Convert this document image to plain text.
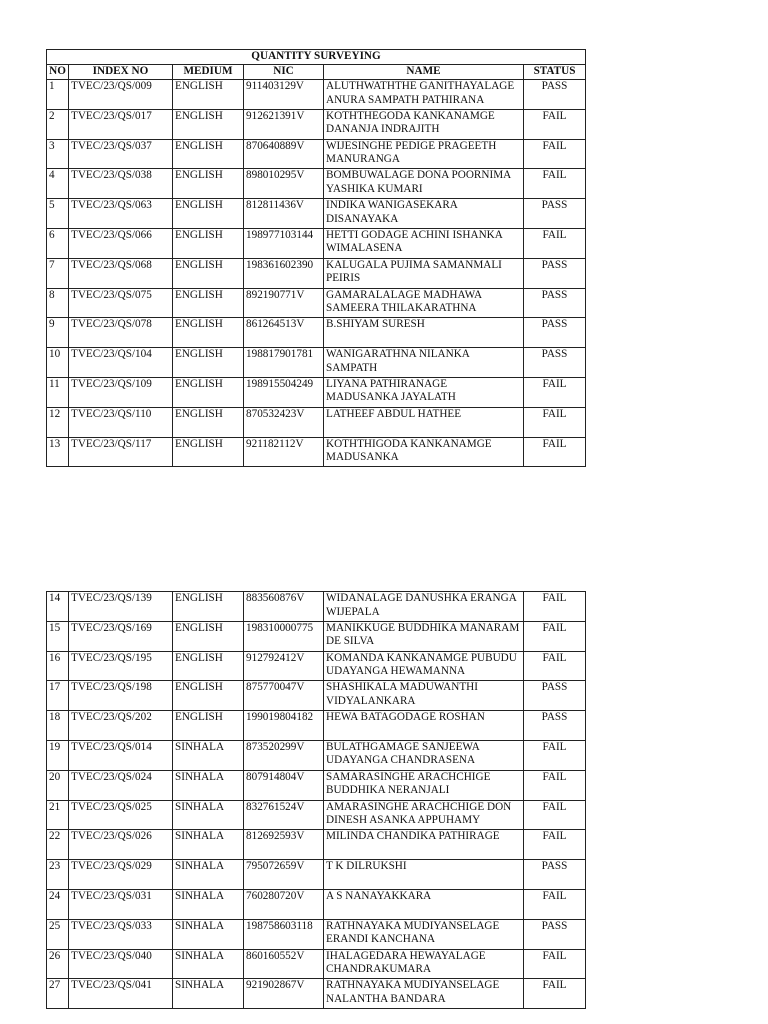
QUANTITY SURVEYING					
NO	INDEX NO	MEDIUM	NIC	NAME	STATUS
1	TVEC/23/QS/009	ENGLISH	911403129V	ALUTHWATHTHE GANITHAYALAGE ANURA SAMPATH PATHIRANA	PASS
2	TVEC/23/QS/017	ENGLISH	912621391V	KOTHTHEGODA KANKANAMGE DANANJA INDRAJITH	FAIL
3	TVEC/23/QS/037	ENGLISH	870640889V	WIJESINGHE PEDIGE PRAGEETH MANURANGA	FAIL
4	TVEC/23/QS/038	ENGLISH	898010295V	BOMBUWALAGE DONA POORNIMA YASHIKA KUMARI	FAIL
5	TVEC/23/QS/063	ENGLISH	812811436V	INDIKA WANIGASEKARA DISANAYAKA	PASS
6	TVEC/23/QS/066	ENGLISH	198977103144	HETTI GODAGE ACHINI ISHANKA WIMALASENA	FAIL
7	TVEC/23/QS/068	ENGLISH	198361602390	KALUGALA PUJIMA SAMANMALI PEIRIS	PASS
8	TVEC/23/QS/075	ENGLISH	892190771V	GAMARALALAGE MADHAWA SAMEERA THILAKARATHNA	PASS
9	TVEC/23/QS/078	ENGLISH	861264513V	B.SHIYAM SURESH	PASS
10	TVEC/23/QS/104	ENGLISH	198817901781	WANIGARATHNA NILANKA SAMPATH	PASS
11	TVEC/23/QS/109	ENGLISH	198915504249	LIYANA PATHIRANAGE MADUSANKA JAYALATH	FAIL
12	TVEC/23/QS/110	ENGLISH	870532423V	LATHEEF ABDUL HATHEE	FAIL
13	TVEC/23/QS/117	ENGLISH	921182112V	KOTHTHIGODA KANKANAMGE MADUSANKA	FAIL
14	TVEC/23/QS/139	ENGLISH	883560876V	WIDANALAGE DANUSHKA ERANGA WIJEPALA	FAIL
15	TVEC/23/QS/169	ENGLISH	198310000775	MANIKKUGE BUDDHIKA MANARAM DE SILVA	FAIL
16	TVEC/23/QS/195	ENGLISH	912792412V	KOMANDA KANKANAMGE PUBUDU UDAYANGA HEWAMANNA	FAIL
17	TVEC/23/QS/198	ENGLISH	875770047V	SHASHIKALA MADUWANTHI VIDYALANKARA	PASS
18	TVEC/23/QS/202	ENGLISH	199019804182	HEWA BATAGODAGE ROSHAN	PASS
19	TVEC/23/QS/014	SINHALA	873520299V	BULATHGAMAGE SANJEEWA UDAYANGA CHANDRASENA	FAIL
20	TVEC/23/QS/024	SINHALA	807914804V	SAMARASINGHE ARACHCHIGE BUDDHIKA NERANJALI	FAIL
21	TVEC/23/QS/025	SINHALA	832761524V	AMARASINGHE ARACHCHIGE DON DINESH ASANKA APPUHAMY	FAIL
22	TVEC/23/QS/026	SINHALA	812692593V	MILINDA CHANDIKA PATHIRAGE	FAIL
23	TVEC/23/QS/029	SINHALA	795072659V	T K DILRUKSHI	PASS
24	TVEC/23/QS/031	SINHALA	760280720V	A S NANAYAKKARA	FAIL
25	TVEC/23/QS/033	SINHALA	198758603118	RATHNAYAKA MUDIYANSELAGE ERANDI KANCHANA	PASS
26	TVEC/23/QS/040	SINHALA	860160552V	IHALAGEDARA HEWAYALAGE CHANDRAKUMARA	FAIL
27	TVEC/23/QS/041	SINHALA	921902867V	RATHNAYAKA MUDIYANSELAGE NALANTHA BANDARA	FAIL
